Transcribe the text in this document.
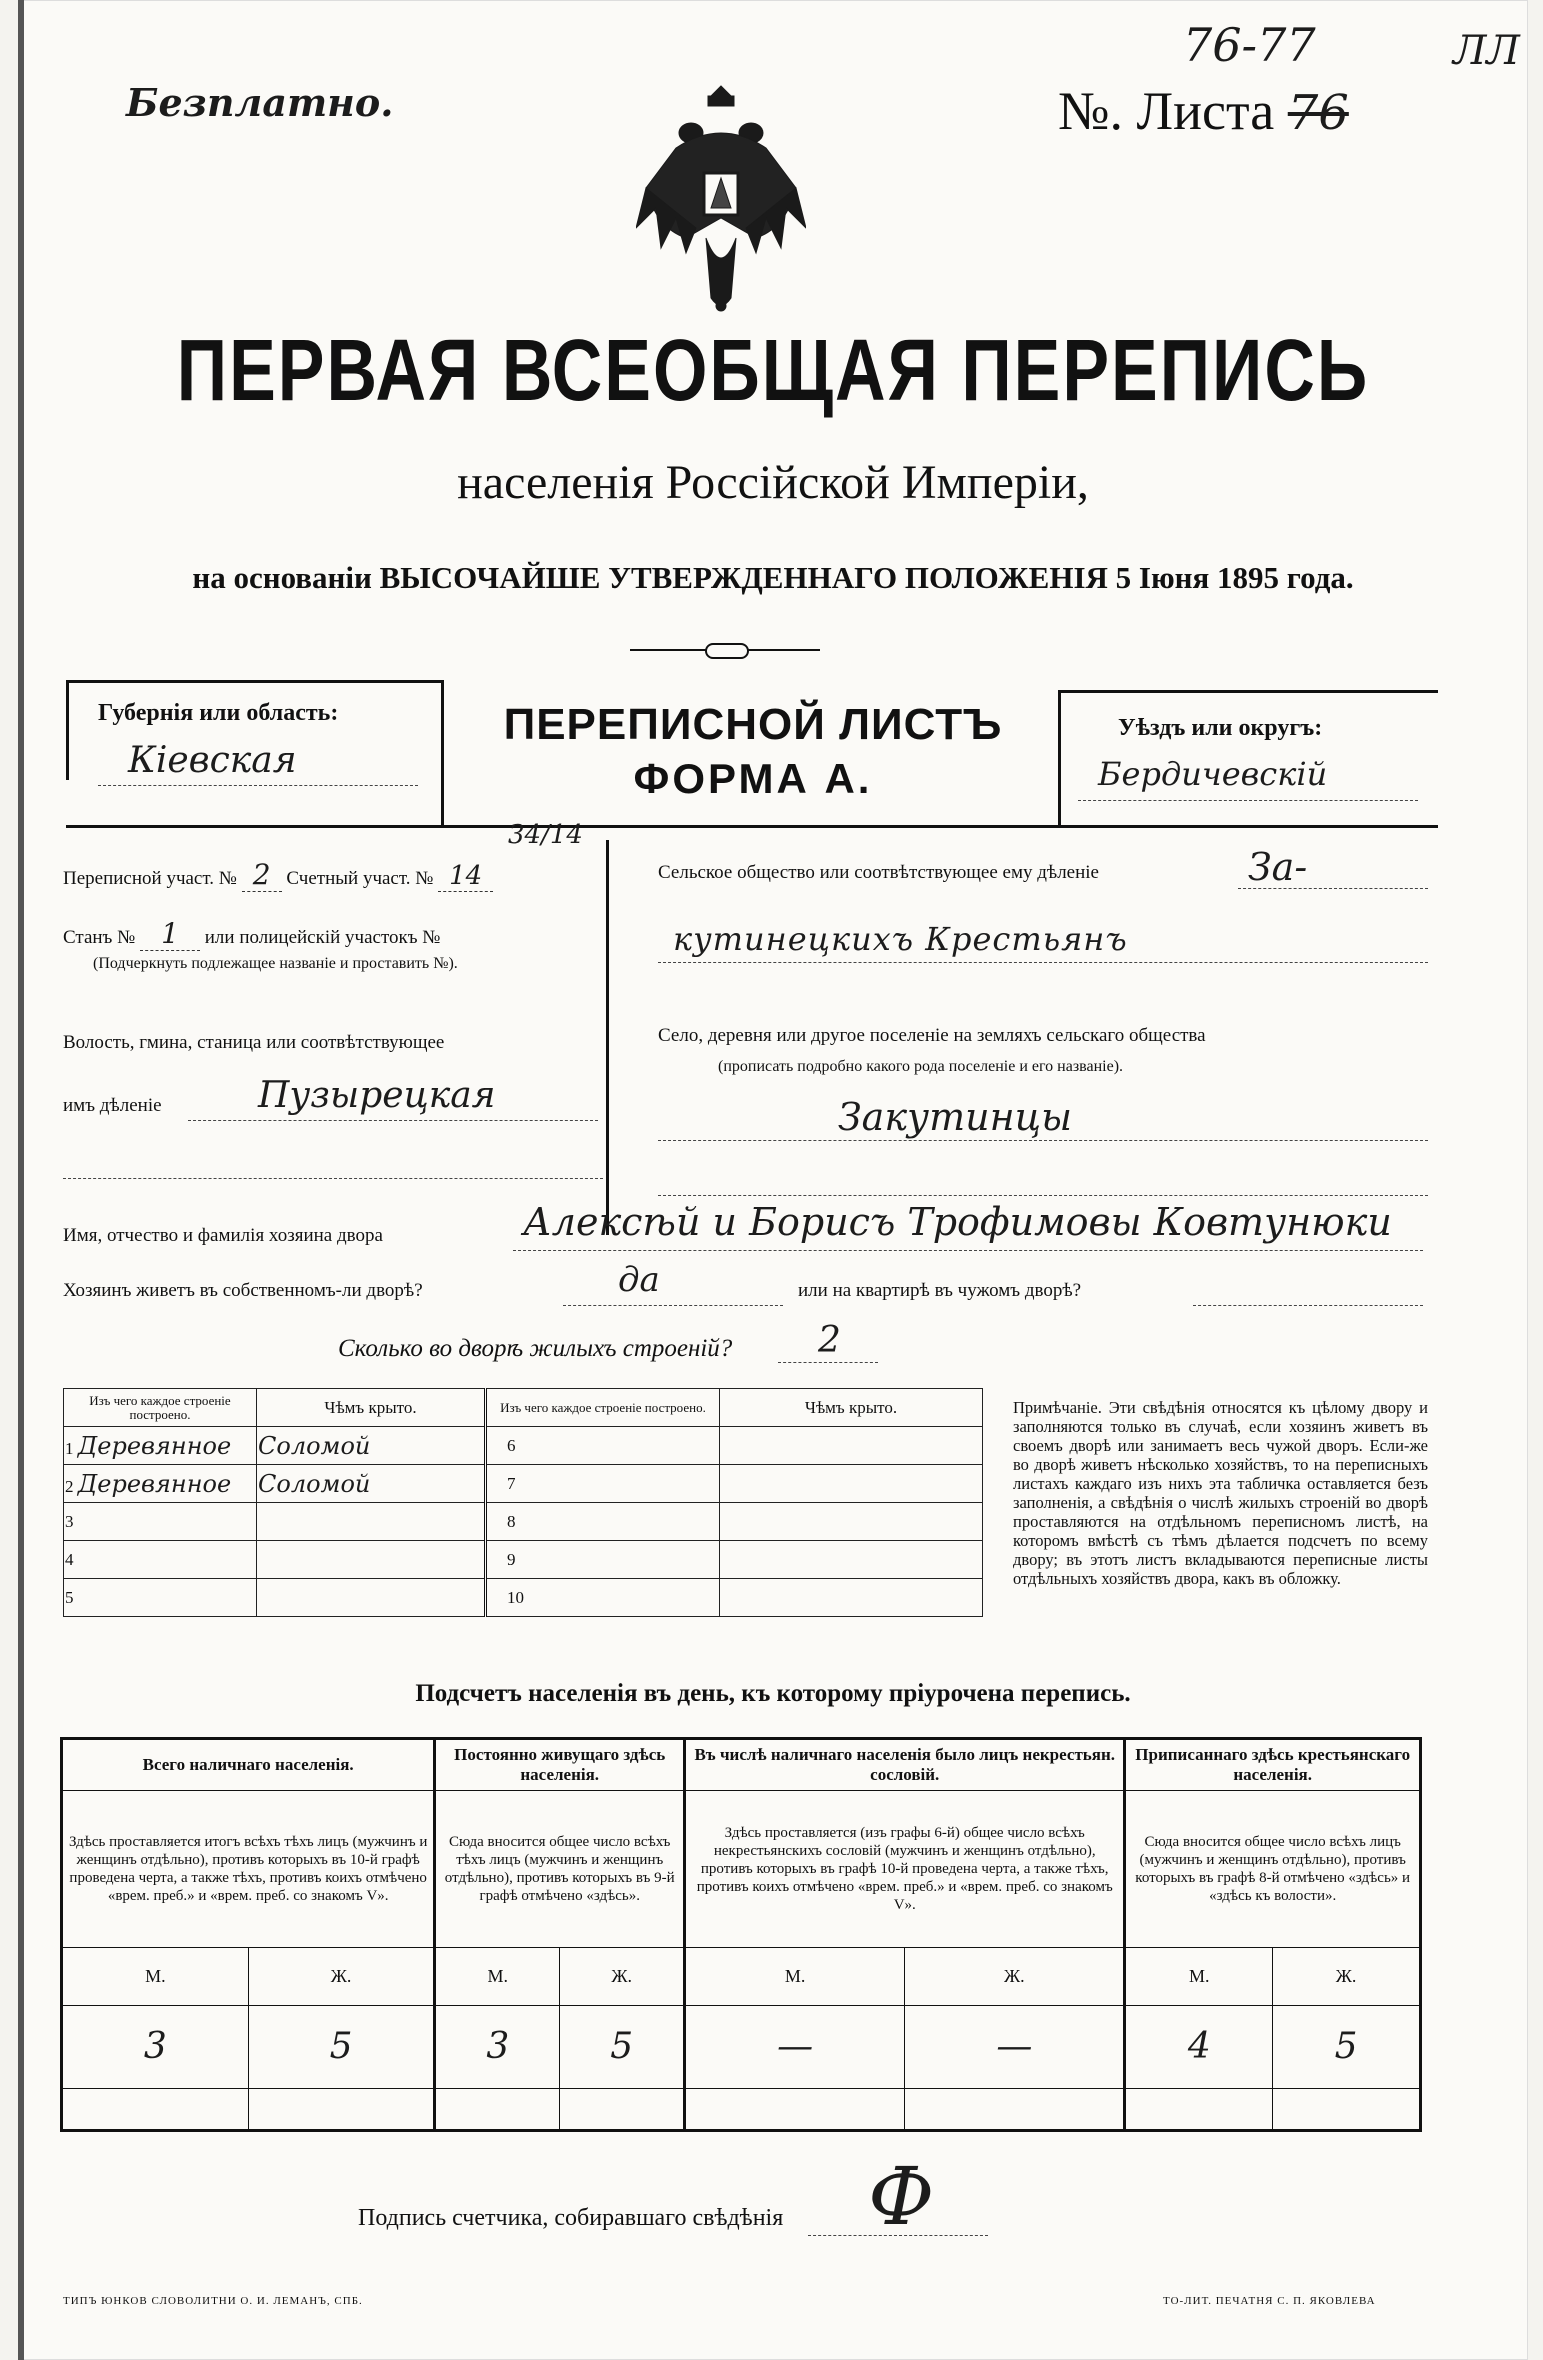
Безплатно.	№. Листа 76
76-77	ЛЛ
ПЕРВАЯ ВСЕОБЩАЯ ПЕРЕПИСЬ
населенія Россійской Имперіи,
на основаніи ВЫСОЧАЙШЕ УТВЕРЖДЕННАГО ПОЛОЖЕНІЯ 5 Іюня 1895 года.
Губернія или область:
Кіевская
ПЕРЕПИСНОЙ ЛИСТЪ
ФОРМА А.
Уѣздъ или округъ:
Бердичевскій
Переписной участ. № 2 Счетный участ. № 14
34/14
Станъ № 1 или полицейскій участокъ №
(Подчеркнуть подлежащее названіе и проставить №).
Волость, гмина, станица или соотвѣтствующее
имъ дѣленіе	Пузырецкая
Сельское общество или соотвѣтствующее ему дѣленіе	За-
кутинецкихъ Крестьянъ
Село, деревня или другое поселеніе на земляхъ сельскаго общества
(прописать подробно какого рода поселеніе и его названіе).
Закутинцы
Имя, отчество и фамилія хозяина двора	Алексѣй и Борисъ Трофимовы Ковтунюки
Хозяинъ живетъ въ собственномъ-ли дворѣ?	да	или на квартирѣ въ чужомъ дворѣ?
Сколько во дворѣ жилыхъ строеній? 2
Изъ чего каждое строеніе построено.	Чѣмъ крыто.	Изъ чего каждое строеніе построено.	Чѣмъ крыто.
1 Деревянное	Соломой	6	
2 Деревянное	Соломой	7	
3		8	
4		9	
5		10	
Примѣчаніе. Эти свѣдѣнія относятся къ цѣлому двору и заполняются только въ случаѣ, если хозяинъ живетъ въ своемъ дворѣ или занимаетъ весь чужой дворъ. Если-же во дворѣ живетъ нѣсколько хозяйствъ, то на переписныхъ листахъ каждаго изъ нихъ эта табличка оставляется безъ заполненія, а свѣдѣнія о числѣ жилыхъ строеній во дворѣ проставляются на отдѣльномъ переписномъ листѣ, на которомъ вмѣстѣ съ тѣмъ дѣлается подсчетъ по всему двору; въ этотъ листъ вкладываются переписные листы отдѣльныхъ хозяйствъ двора, какъ въ обложку.
Подсчетъ населенія въ день, къ которому пріурочена перепись.
Всего наличнаго населенія.		Постоянно живущаго здѣсь населенія.		Въ числѣ наличнаго населенія было лицъ некрестьян. сословій.		Приписаннаго здѣсь крестьянскаго населенія.	
Здѣсь проставляется итогъ всѣхъ тѣхъ лицъ (мужчинъ и женщинъ отдѣльно), противъ которыхъ въ 10-й графѣ проведена черта, а также тѣхъ, противъ коихъ отмѣчено «врем. преб.» и «врем. преб. со знакомъ V».		Сюда вносится общее число всѣхъ тѣхъ лицъ (мужчинъ и женщинъ отдѣльно), противъ которыхъ въ 9-й графѣ отмѣчено «здѣсь».		Здѣсь проставляется (изъ графы 6-й) общее число всѣхъ некрестьянскихъ сословій (мужчинъ и женщинъ отдѣльно), противъ которыхъ въ графѣ 10-й проведена черта, а также тѣхъ, противъ коихъ отмѣчено «врем. преб.» и «врем. преб. со знакомъ V».		Сюда вносится общее число всѣхъ лицъ (мужчинъ и женщинъ отдѣльно), противъ которыхъ въ графѣ 8-й отмѣчено «здѣсь» и «здѣсь къ волости».	
М.	Ж.	М.	Ж.	М.	Ж.	М.	Ж.
3	5	3	5	—	—	4	5

Подпись счетчика, собиравшаго свѣдѣнія Ф
ТИПЪ ЮНКОВ СЛОВОЛИТНИ О. И. ЛЕМАНЪ, СПБ.	ТО-ЛИТ. ПЕЧАТНЯ С. П. ЯКОВЛЕВА
